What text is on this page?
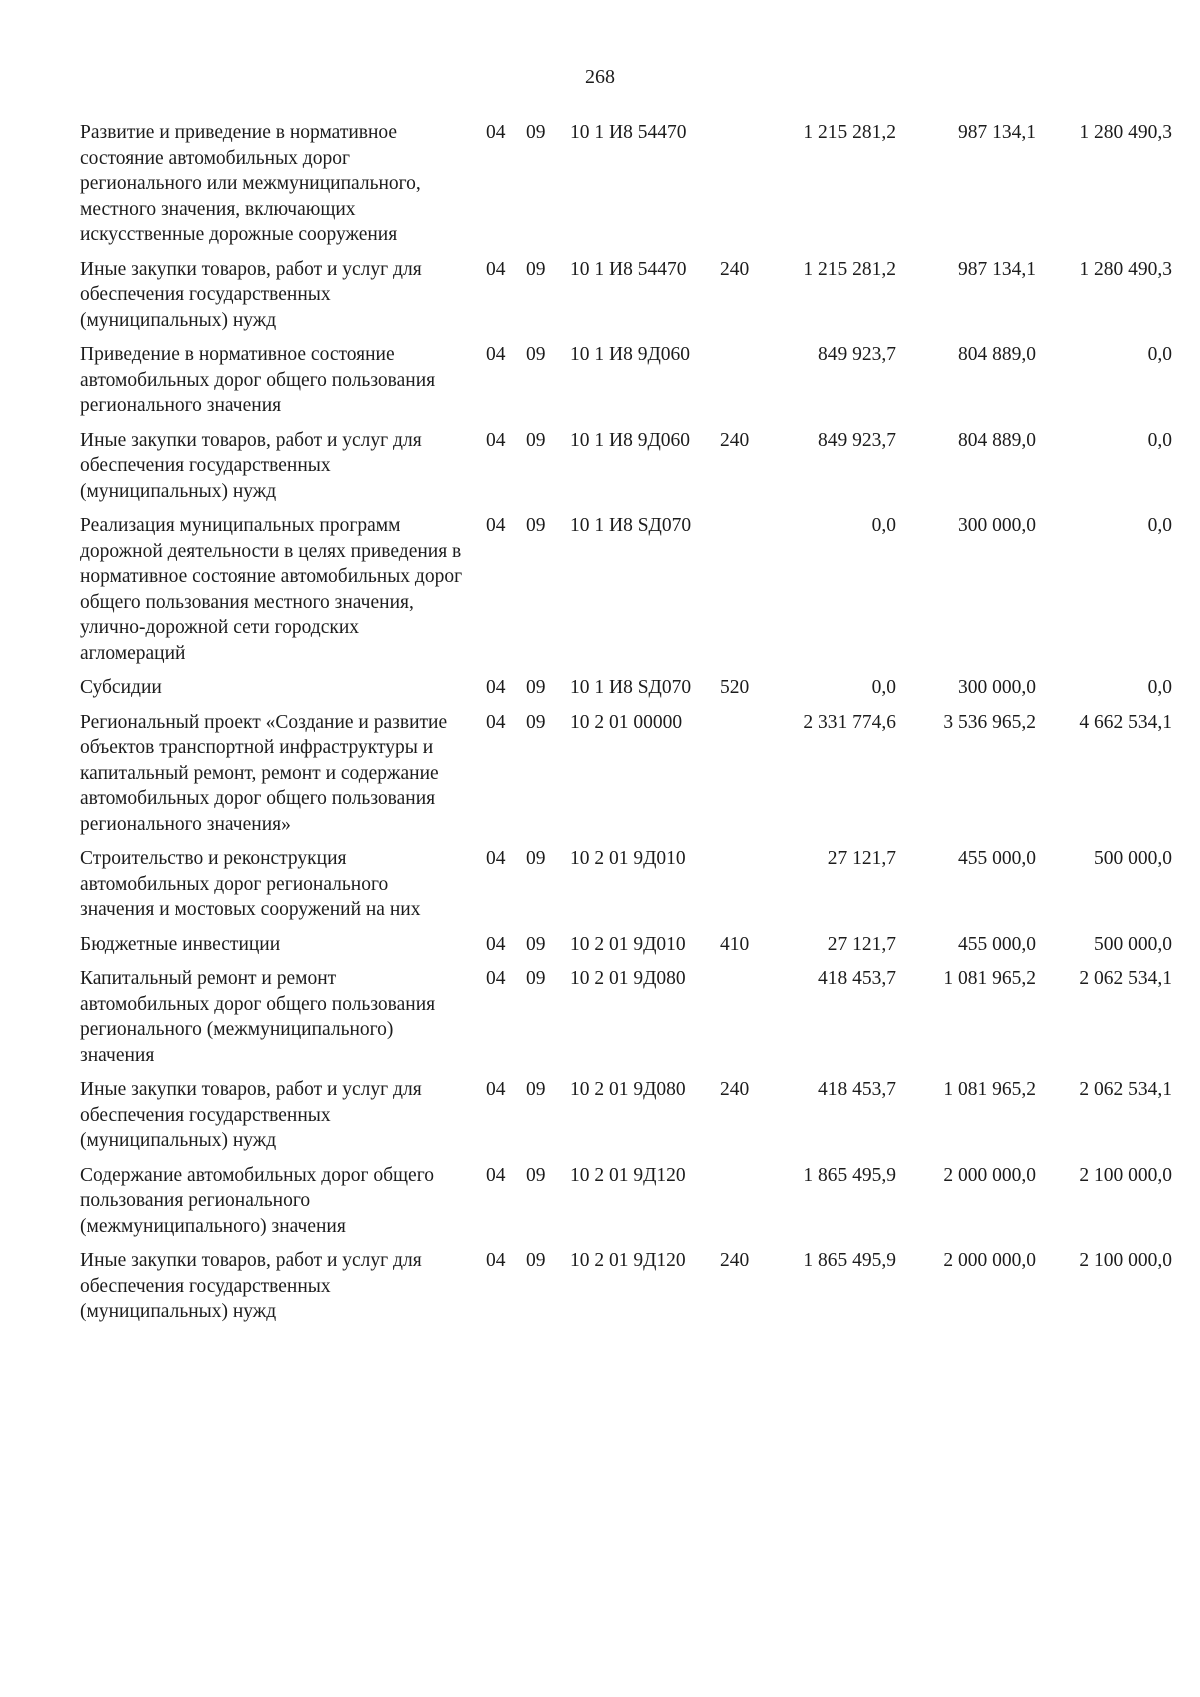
268
Развитие и приведение в нормативное состояние автомобильных дорог регионального или межмуниципального, местного значения, включающих искусственные дорожные сооружения	04	09	10 1 И8 54470		1 215 281,2	987 134,1	1 280 490,3
Иные закупки товаров, работ и услуг для обеспечения государственных (муниципальных) нужд	04	09	10 1 И8 54470	240	1 215 281,2	987 134,1	1 280 490,3
Приведение в нормативное состояние автомобильных дорог общего пользования регионального значения	04	09	10 1 И8 9Д060		849 923,7	804 889,0	0,0
Иные закупки товаров, работ и услуг для обеспечения государственных (муниципальных) нужд	04	09	10 1 И8 9Д060	240	849 923,7	804 889,0	0,0
Реализация муниципальных программ дорожной деятельности в целях приведения в нормативное состояние автомобильных дорог общего пользования местного значения, улично-дорожной сети городских агломераций	04	09	10 1 И8 SД070		0,0	300 000,0	0,0
Субсидии	04	09	10 1 И8 SД070	520	0,0	300 000,0	0,0
Региональный проект «Создание и развитие объектов транспортной инфраструктуры и капитальный ремонт, ремонт и содержание автомобильных дорог общего пользования регионального значения»	04	09	10 2 01 00000		2 331 774,6	3 536 965,2	4 662 534,1
Строительство и реконструкция автомобильных дорог регионального значения и мостовых сооружений на них	04	09	10 2 01 9Д010		27 121,7	455 000,0	500 000,0
Бюджетные инвестиции	04	09	10 2 01 9Д010	410	27 121,7	455 000,0	500 000,0
Капитальный ремонт и ремонт автомобильных дорог общего пользования регионального (межмуниципального) значения	04	09	10 2 01 9Д080		418 453,7	1 081 965,2	2 062 534,1
Иные закупки товаров, работ и услуг для обеспечения государственных (муниципальных) нужд	04	09	10 2 01 9Д080	240	418 453,7	1 081 965,2	2 062 534,1
Содержание автомобильных дорог общего пользования регионального (межмуниципального) значения	04	09	10 2 01 9Д120		1 865 495,9	2 000 000,0	2 100 000,0
Иные закупки товаров, работ и услуг для обеспечения государственных (муниципальных) нужд	04	09	10 2 01 9Д120	240	1 865 495,9	2 000 000,0	2 100 000,0
